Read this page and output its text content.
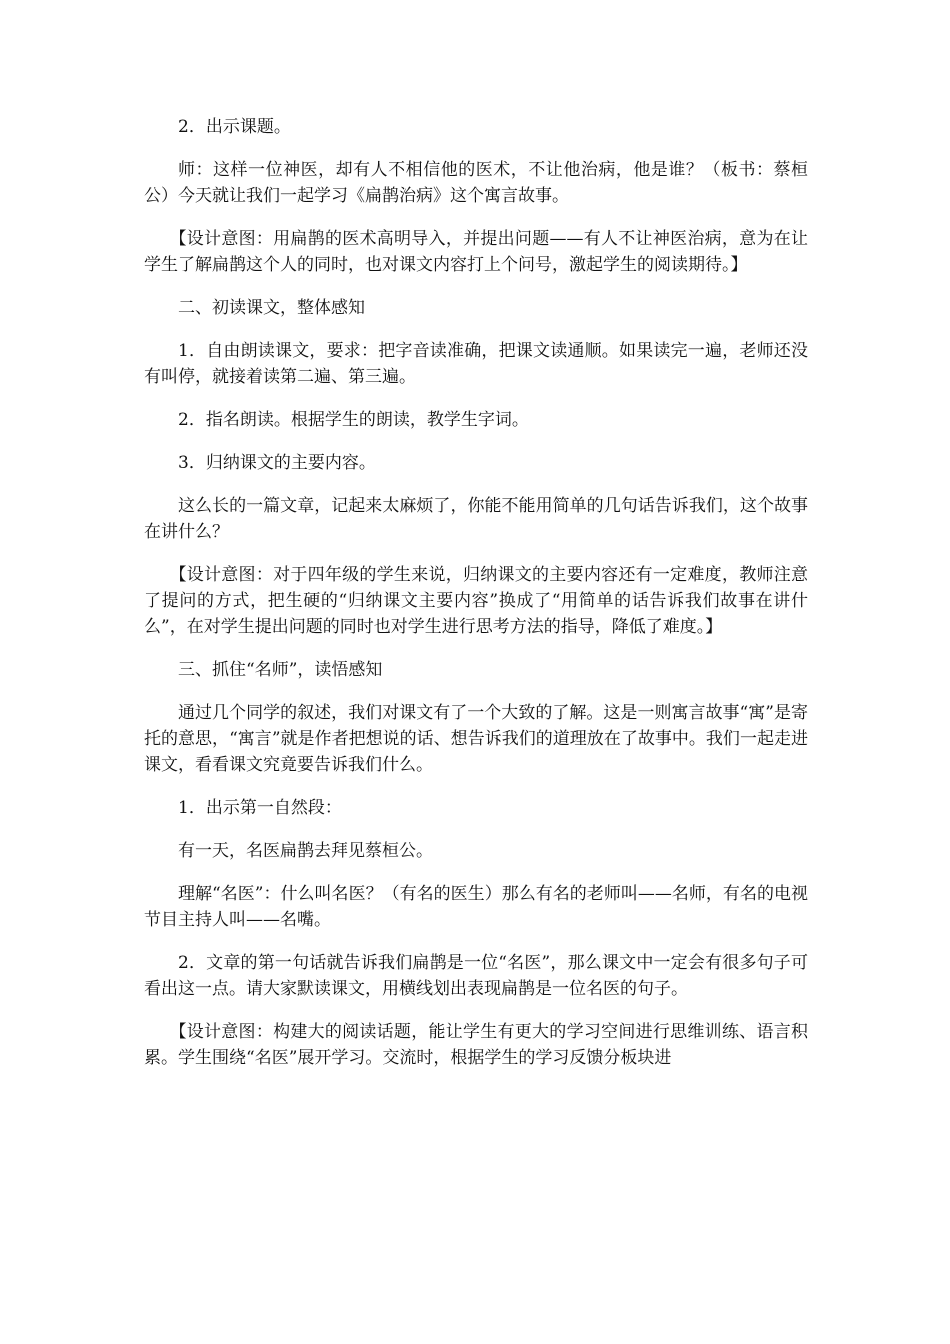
2．出示课题。

师：这样一位神医，却有人不相信他的医术，不让他治病，他是谁？（板书：蔡桓公）今天就让我们一起学习《扁鹊治病》这个寓言故事。

【设计意图：用扁鹊的医术高明导入，并提出问题——有人不让神医治病，意为在让学生了解扁鹊这个人的同时，也对课文内容打上个问号，激起学生的阅读期待。】

二、初读课文，整体感知

1．自由朗读课文，要求：把字音读准确，把课文读通顺。如果读完一遍，老师还没有叫停，就接着读第二遍、第三遍。

2．指名朗读。根据学生的朗读，教学生字词。

3．归纳课文的主要内容。

这么长的一篇文章，记起来太麻烦了，你能不能用简单的几句话告诉我们，这个故事在讲什么？

【设计意图：对于四年级的学生来说，归纳课文的主要内容还有一定难度，教师注意了提问的方式，把生硬的“归纳课文主要内容”换成了“用简单的话告诉我们故事在讲什么”，在对学生提出问题的同时也对学生进行思考方法的指导，降低了难度。】

三、抓住“名师”，读悟感知

通过几个同学的叙述，我们对课文有了一个大致的了解。这是一则寓言故事“寓”是寄托的意思，“寓言”就是作者把想说的话、想告诉我们的道理放在了故事中。我们一起走进课文，看看课文究竟要告诉我们什么。

1．出示第一自然段：

有一天，名医扁鹊去拜见蔡桓公。

理解“名医”：什么叫名医？（有名的医生）那么有名的老师叫——名师，有名的电视节目主持人叫——名嘴。

2．文章的第一句话就告诉我们扁鹊是一位“名医”，那么课文中一定会有很多句子可看出这一点。请大家默读课文，用横线划出表现扁鹊是一位名医的句子。

【设计意图：构建大的阅读话题，能让学生有更大的学习空间进行思维训练、语言积累。学生围绕“名医”展开学习。交流时，根据学生的学习反馈分板块进
